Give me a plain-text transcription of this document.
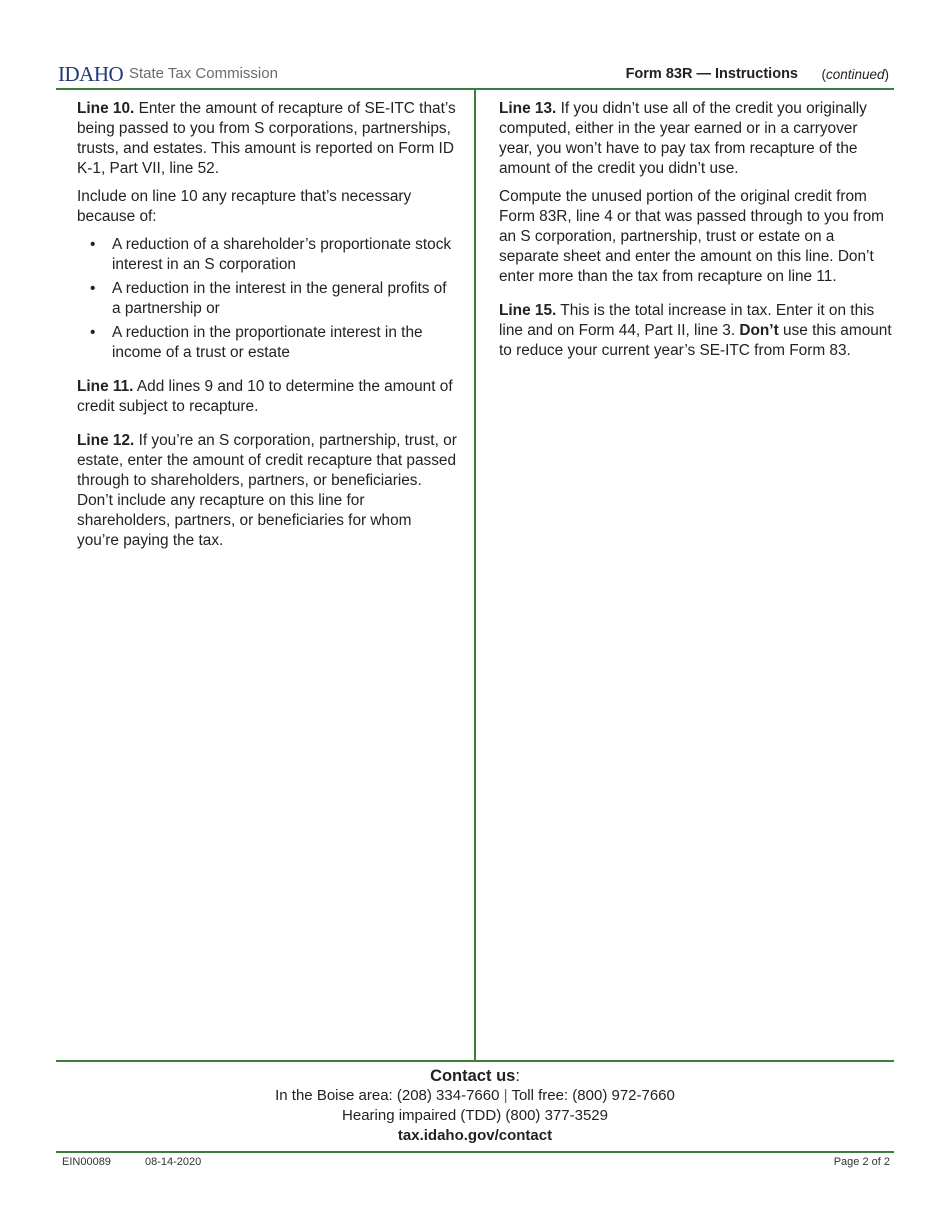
IDAHO State Tax Commission	Form 83R — Instructions (continued)

Line 10. Enter the amount of recapture of SE-ITC that’s being passed to you from S corporations, partnerships, trusts, and estates. This amount is reported on Form ID K-1, Part VII, line 52.

Include on line 10 any recapture that’s necessary because of:

• A reduction of a shareholder’s proportionate stock interest in an S corporation
• A reduction in the interest in the general profits of a partnership or
• A reduction in the proportionate interest in the income of a trust or estate

Line 11. Add lines 9 and 10 to determine the amount of credit subject to recapture.

Line 12. If you’re an S corporation, partnership, trust, or estate, enter the amount of credit recapture that passed through to shareholders, partners, or beneficiaries. Don’t include any recapture on this line for shareholders, partners, or beneficiaries for whom you’re paying the tax.

Line 13. If you didn’t use all of the credit you originally computed, either in the year earned or in a carryover year, you won’t have to pay tax from recapture of the amount of the credit you didn’t use.

Compute the unused portion of the original credit from Form 83R, line 4 or that was passed through to you from an S corporation, partnership, trust or estate on a separate sheet and enter the amount on this line. Don’t enter more than the tax from recapture on line 11.

Line 15. This is the total increase in tax. Enter it on this line and on Form 44, Part II, line 3. Don’t use this amount to reduce your current year’s SE-ITC from Form 83.

Contact us:
In the Boise area: (208) 334-7660 | Toll free: (800) 972-7660
Hearing impaired (TDD) (800) 377-3529
tax.idaho.gov/contact
EIN00089	08-14-2020	Page 2 of 2
